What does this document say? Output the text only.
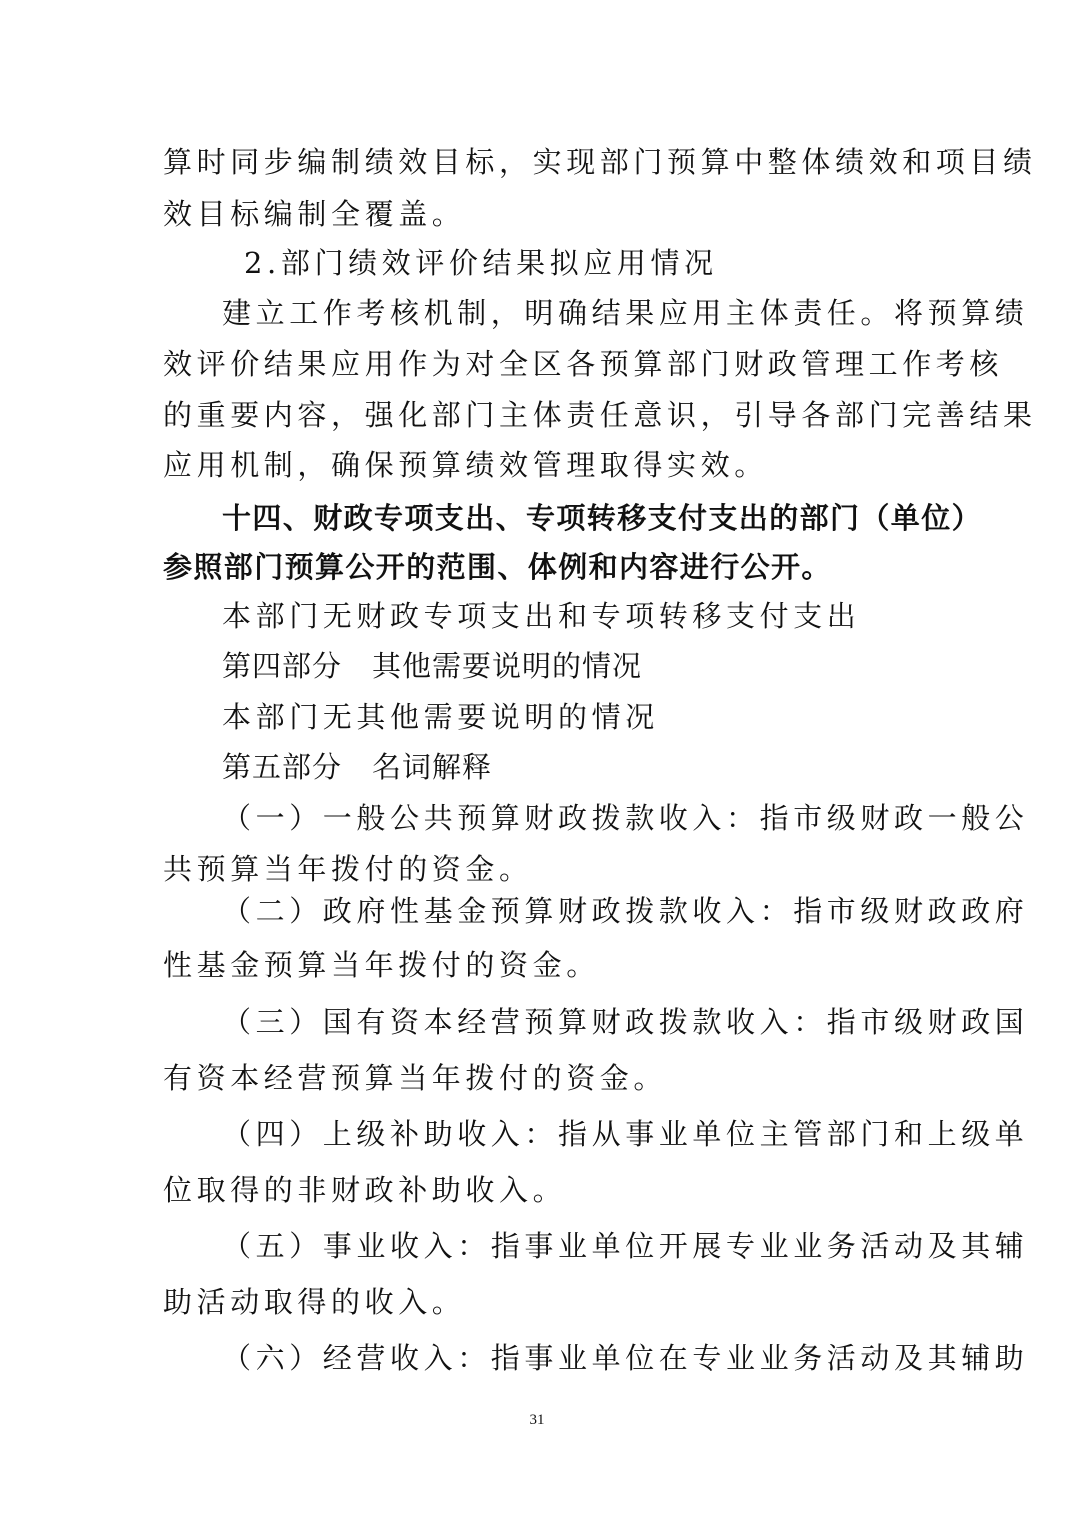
算时同步编制绩效目标，实现部门预算中整体绩效和项目绩
效目标编制全覆盖。
2.部门绩效评价结果拟应用情况
建立工作考核机制，明确结果应用主体责任。将预算绩
效评价结果应用作为对全区各预算部门财政管理工作考核
的重要内容，强化部门主体责任意识，引导各部门完善结果
应用机制，确保预算绩效管理取得实效。
十四、财政专项支出、专项转移支付支出的部门（单位）
参照部门预算公开的范围、体例和内容进行公开。
本部门无财政专项支出和专项转移支付支出
第四部分　其他需要说明的情况
本部门无其他需要说明的情况
第五部分　名词解释
（一）一般公共预算财政拨款收入：指市级财政一般公
共预算当年拨付的资金。
（二）政府性基金预算财政拨款收入：指市级财政政府
性基金预算当年拨付的资金。
（三）国有资本经营预算财政拨款收入：指市级财政国
有资本经营预算当年拨付的资金。
（四）上级补助收入：指从事业单位主管部门和上级单
位取得的非财政补助收入。
（五）事业收入：指事业单位开展专业业务活动及其辅
助活动取得的收入。
（六）经营收入：指事业单位在专业业务活动及其辅助
31
